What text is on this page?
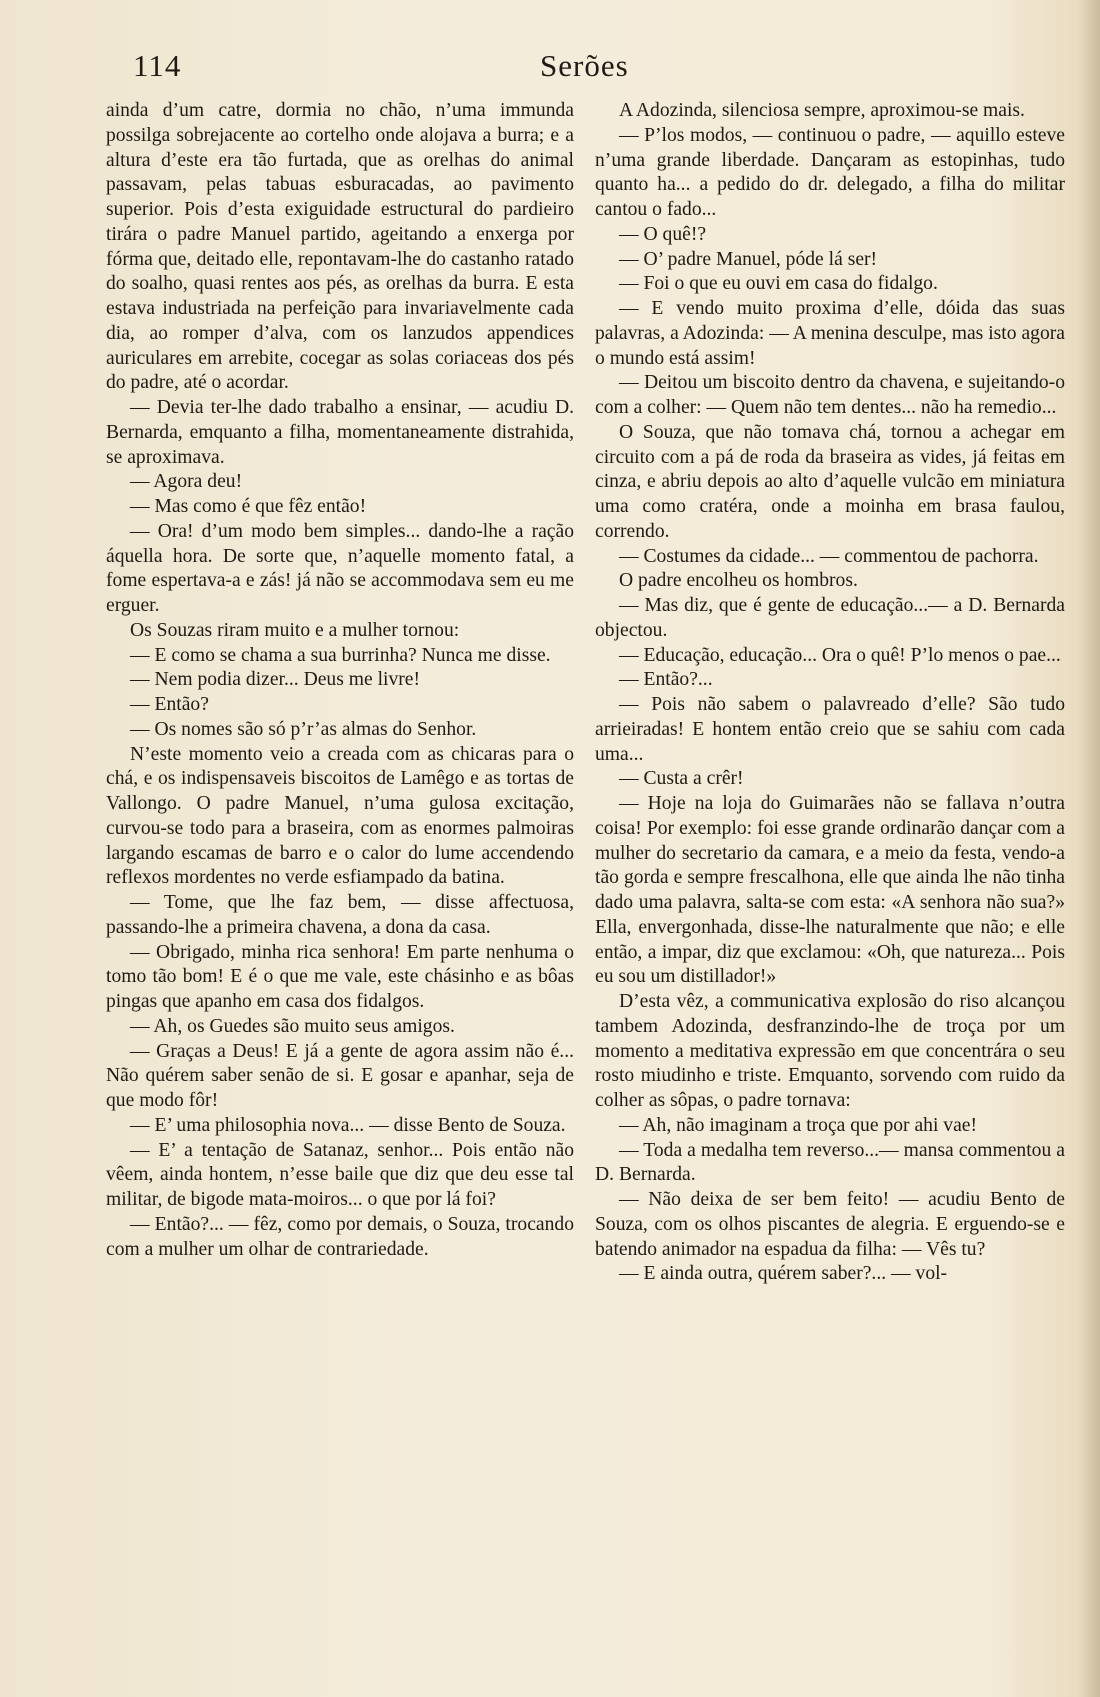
114	Serões

ainda d’um catre, dormia no chão, n’uma immunda possilga sobrejacente ao cortelho onde alojava a burra; e a altura d’este era tão furtada, que as orelhas do animal passavam, pelas tabuas esburacadas, ao pavimento superior. Pois d’esta exiguidade estructural do pardieiro tirára o padre Manuel partido, ageitando a enxerga por fórma que, deitado elle, repontavam-lhe do castanho ratado do soalho, quasi rentes aos pés, as orelhas da burra. E esta estava industriada na perfeição para invariavelmente cada dia, ao romper d’alva, com os lanzudos appendices auriculares em arrebite, cocegar as solas coriaceas dos pés do padre, até o acordar.

— Devia ter-lhe dado trabalho a ensinar, — acudiu D. Bernarda, emquanto a filha, momentaneamente distrahida, se aproximava.

— Agora deu!

— Mas como é que fêz então!

— Ora! d’um modo bem simples... dando-lhe a ração áquella hora. De sorte que, n’aquelle momento fatal, a fome espertava-a e zás! já não se accommodava sem eu me erguer.

Os Souzas riram muito e a mulher tornou:

— E como se chama a sua burrinha? Nunca me disse.

— Nem podia dizer... Deus me livre!

— Então?

— Os nomes são só p’r’as almas do Senhor.

N’este momento veio a creada com as chicaras para o chá, e os indispensaveis biscoitos de Lamêgo e as tortas de Vallongo. O padre Manuel, n’uma gulosa excitação, curvou-se todo para a braseira, com as enormes palmoiras largando escamas de barro e o calor do lume accendendo reflexos mordentes no verde esfiampado da batina.

— Tome, que lhe faz bem, — disse affectuosa, passando-lhe a primeira chavena, a dona da casa.

— Obrigado, minha rica senhora! Em parte nenhuma o tomo tão bom! E é o que me vale, este chásinho e as bôas pingas que apanho em casa dos fidalgos.

— Ah, os Guedes são muito seus amigos.

— Graças a Deus! E já a gente de agora assim não é... Não quérem saber senão de si. E gosar e apanhar, seja de que modo fôr!

— E’ uma philosophia nova... — disse Bento de Souza.

— E’ a tentação de Satanaz, senhor... Pois então não vêem, ainda hontem, n’esse baile que diz que deu esse tal militar, de bigode mata-moiros... o que por lá foi?

— Então?... — fêz, como por demais, o Souza, trocando com a mulher um olhar de contrariedade.

A Adozinda, silenciosa sempre, aproximou-se mais.

— P’los modos, — continuou o padre, — aquillo esteve n’uma grande liberdade. Dançaram as estopinhas, tudo quanto ha... a pedido do dr. delegado, a filha do militar cantou o fado...

— O quê!?

— O’ padre Manuel, póde lá ser!

— Foi o que eu ouvi em casa do fidalgo.

— E vendo muito proxima d’elle, dóida das suas palavras, a Adozinda: — A menina desculpe, mas isto agora o mundo está assim!

— Deitou um biscoito dentro da chavena, e sujeitando-o com a colher: — Quem não tem dentes... não ha remedio...

O Souza, que não tomava chá, tornou a achegar em circuito com a pá de roda da braseira as vides, já feitas em cinza, e abriu depois ao alto d’aquelle vulcão em miniatura uma como cratéra, onde a moinha em brasa faulou, correndo.

— Costumes da cidade... — commentou de pachorra.

O padre encolheu os hombros.

— Mas diz, que é gente de educação...— a D. Bernarda objectou.

— Educação, educação... Ora o quê! P’lo menos o pae...

— Então?...

— Pois não sabem o palavreado d’elle? São tudo arrieiradas! E hontem então creio que se sahiu com cada uma...

— Custa a crêr!

— Hoje na loja do Guimarães não se fallava n’outra coisa! Por exemplo: foi esse grande ordinarão dançar com a mulher do secretario da camara, e a meio da festa, vendo-a tão gorda e sempre frescalhona, elle que ainda lhe não tinha dado uma palavra, salta-se com esta: «A senhora não sua?» Ella, envergonhada, disse-lhe naturalmente que não; e elle então, a impar, diz que exclamou: «Oh, que natureza... Pois eu sou um distillador!»

D’esta vêz, a communicativa explosão do riso alcançou tambem Adozinda, desfranzindo-lhe de troça por um momento a meditativa expressão em que concentrára o seu rosto miudinho e triste. Emquanto, sorvendo com ruido da colher as sôpas, o padre tornava:

— Ah, não imaginam a troça que por ahi vae!

— Toda a medalha tem reverso...— mansa commentou a D. Bernarda.

— Não deixa de ser bem feito! — acudiu Bento de Souza, com os olhos piscantes de alegria. E erguendo-se e batendo animador na espadua da filha: — Vês tu?

— E ainda outra, quérem saber?... — vol-
